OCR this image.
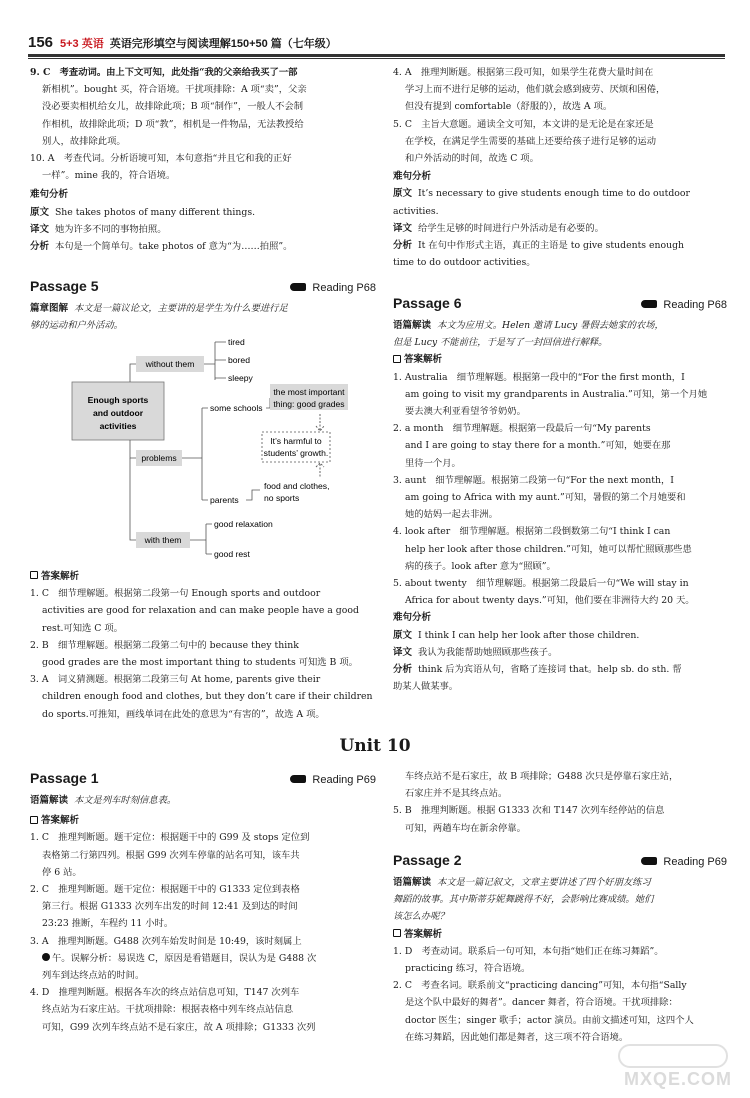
156 5+3 英语 英语完形填空与阅读理解150+50 篇（七年级）

9. C　考查动词。由上下文可知，此处指“我的父亲给我买了一部

新相机”。bought 买，符合语境。干扰项排除：A 项“卖”，父亲

没必要卖相机给女儿，故排除此项；B 项“制作”，一般人不会制

作相机，故排除此项；D 项“教”，相机是一件物品，无法教授给

别人，故排除此项。

10. A　考查代词。分析语境可知，本句意指“并且它和我的正好

一样”。mine 我的，符合语境。

难句分析

原文 She takes photos of many different things.

译文 她为许多不同的事物拍照。

分析 本句是一个简单句。take photos of 意为“为……拍照”。

Passage 5	Reading P68

篇章图解 本文是一篇议论文，主要讲的是学生为什么要进行足

够的运动和户外活动。

Enough sports
and outdoor
activities
without them
tired
bored
sleepy
problems
some schools
parents
the most important
thing: good grades
It’s harmful to
students’ growth.
food and clothes,
no sports
with them
good relaxation
good rest

答案解析

1. C　细节理解题。根据第二段第一句 Enough sports and outdoor

activities are good for relaxation and can make people have a good

rest.可知选 C 项。

2. B　细节理解题。根据第二段第二句中的 because they think

good grades are the most important thing to students 可知选 B 项。

3. A　词义猜测题。根据第二段第三句 At home, parents give their

children enough food and clothes, but they don’t care if their children

do sports.可推知，画线单词在此处的意思为“有害的”，故选 A 项。

4. A　推理判断题。根据第三段可知，如果学生花费大量时间在

学习上而不进行足够的运动，他们就会感到疲劳、厌烦和困倦，

但没有提到 comfortable（舒服的），故选 A 项。

5. C　主旨大意题。通读全文可知，本文讲的是无论是在家还是

在学校，在满足学生需要的基础上还要给孩子进行足够的运动

和户外活动的时间，故选 C 项。

难句分析

原文 It’s necessary to give students enough time to do outdoor

activities.

译文 给学生足够的时间进行户外活动是有必要的。

分析 It 在句中作形式主语，真正的主语是 to give students enough

time to do outdoor activities。

Passage 6	Reading P68

语篇解读 本文为应用文。Helen 邀请 Lucy 暑假去她家的农场，

但是 Lucy 不能前往，于是写了一封回信进行解释。

答案解析

1. Australia　细节理解题。根据第一段中的“For the first month，I

am going to visit my grandparents in Australia.”可知，第一个月她

要去澳大利亚看望爷爷奶奶。

2. a month　细节理解题。根据第一段最后一句“My parents

and I are going to stay there for a month.”可知，她要在那

里待一个月。

3. aunt　细节理解题。根据第二段第一句“For the next month，I

am going to Africa with my aunt.”可知，暑假的第二个月她要和

她的姑妈一起去非洲。

4. look after　细节理解题。根据第二段倒数第二句“I think I can

help her look after those children.”可知，她可以帮忙照顾那些患

病的孩子。look after 意为“照顾”。

5. about twenty　细节理解题。根据第二段最后一句“We will stay in

Africa for about twenty days.”可知，他们要在非洲待大约 20 天。

难句分析

原文 I think I can help her look after those children.

译文 我认为我能帮助她照顾那些孩子。

分析 think 后为宾语从句，省略了连接词 that。help sb. do sth. 帮

助某人做某事。

Unit 10
Passage 1	Reading P69

语篇解读 本文是列车时刻信息表。

答案解析

1. C　推理判断题。题干定位：根据题干中的 G99 及 stops 定位到

表格第二行第四列。根据 G99 次列车停靠的站名可知，该车共

停 6 站。

2. C　推理判断题。题干定位：根据题干中的 G1333 定位到表格

第三行。根据 G1333 次列车出发的时间 12:41 及到达的时间

23:23 推断，车程约 11 小时。

3. A　推理判断题。G488 次列车始发时间是 10:49，该时刻属上

午。误解分析：易误选 C，原因是看错题目，误认为是 G488 次

列车到达终点站的时间。

4. D　推理判断题。根据各车次的终点站信息可知，T147 次列车

终点站为石家庄站。干扰项排除：根据表格中列车终点站信息

可知，G99 次列车终点站不是石家庄，故 A 项排除；G1333 次列

车终点站不是石家庄，故 B 项排除；G488 次只是停靠石家庄站，

石家庄并不是其终点站。

5. B　推理判断题。根据 G1333 次和 T147 次列车经停站的信息

可知，两趟车均在新余停靠。

Passage 2	Reading P69

语篇解读 本文是一篇记叙文，文章主要讲述了四个好朋友练习

舞蹈的故事。其中斯蒂芬妮舞跳得不好，会影响比赛成绩。她们

该怎么办呢？

答案解析

1. D　考查动词。联系后一句可知，本句指“她们正在练习舞蹈”。

practicing 练习，符合语境。

2. C　考查名词。联系前文“practicing dancing”可知，本句指“Sally

是这个队中最好的舞者”。dancer 舞者，符合语境。干扰项排除：

doctor 医生；singer 歌手；actor 演员。由前文描述可知，这四个人

在练习舞蹈，因此她们都是舞者，这三项不符合语境。

MXQE.COM
